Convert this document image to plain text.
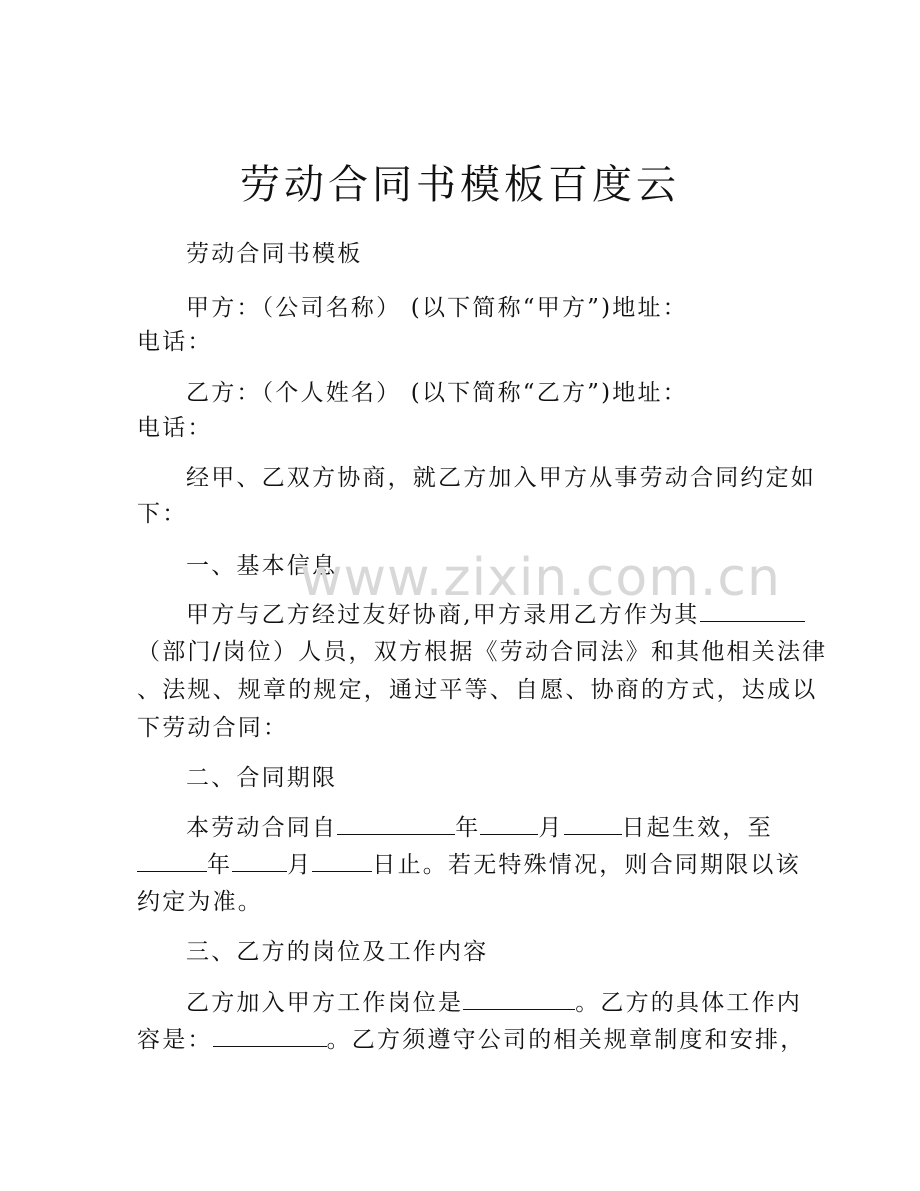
劳动合同书模板百度云
劳动合同书模板
甲方：（公司名称） (以下简称“甲方”)地址：
电话：
乙方：（个人姓名） (以下简称“乙方”)地址：
电话：
经甲、乙双方协商，就乙方加入甲方从事劳动合同约定如
下：
一、基本信息
甲方与乙方经过友好协商,甲方录用乙方作为其
（部门/岗位）人员，双方根据《劳动合同法》和其他相关法律
、法规、规章的规定，通过平等、自愿、协商的方式，达成以
下劳动合同：
二、合同期限
本劳动合同自	年	月	日起生效，至
年 月	日止。若无特殊情况，则合同期限以该
约定为准。
三、乙方的岗位及工作内容
乙方加入甲方工作岗位是	。乙方的具体工作内
容是：	。乙方须遵守公司的相关规章制度和安排，
www.zixin.com.cn
